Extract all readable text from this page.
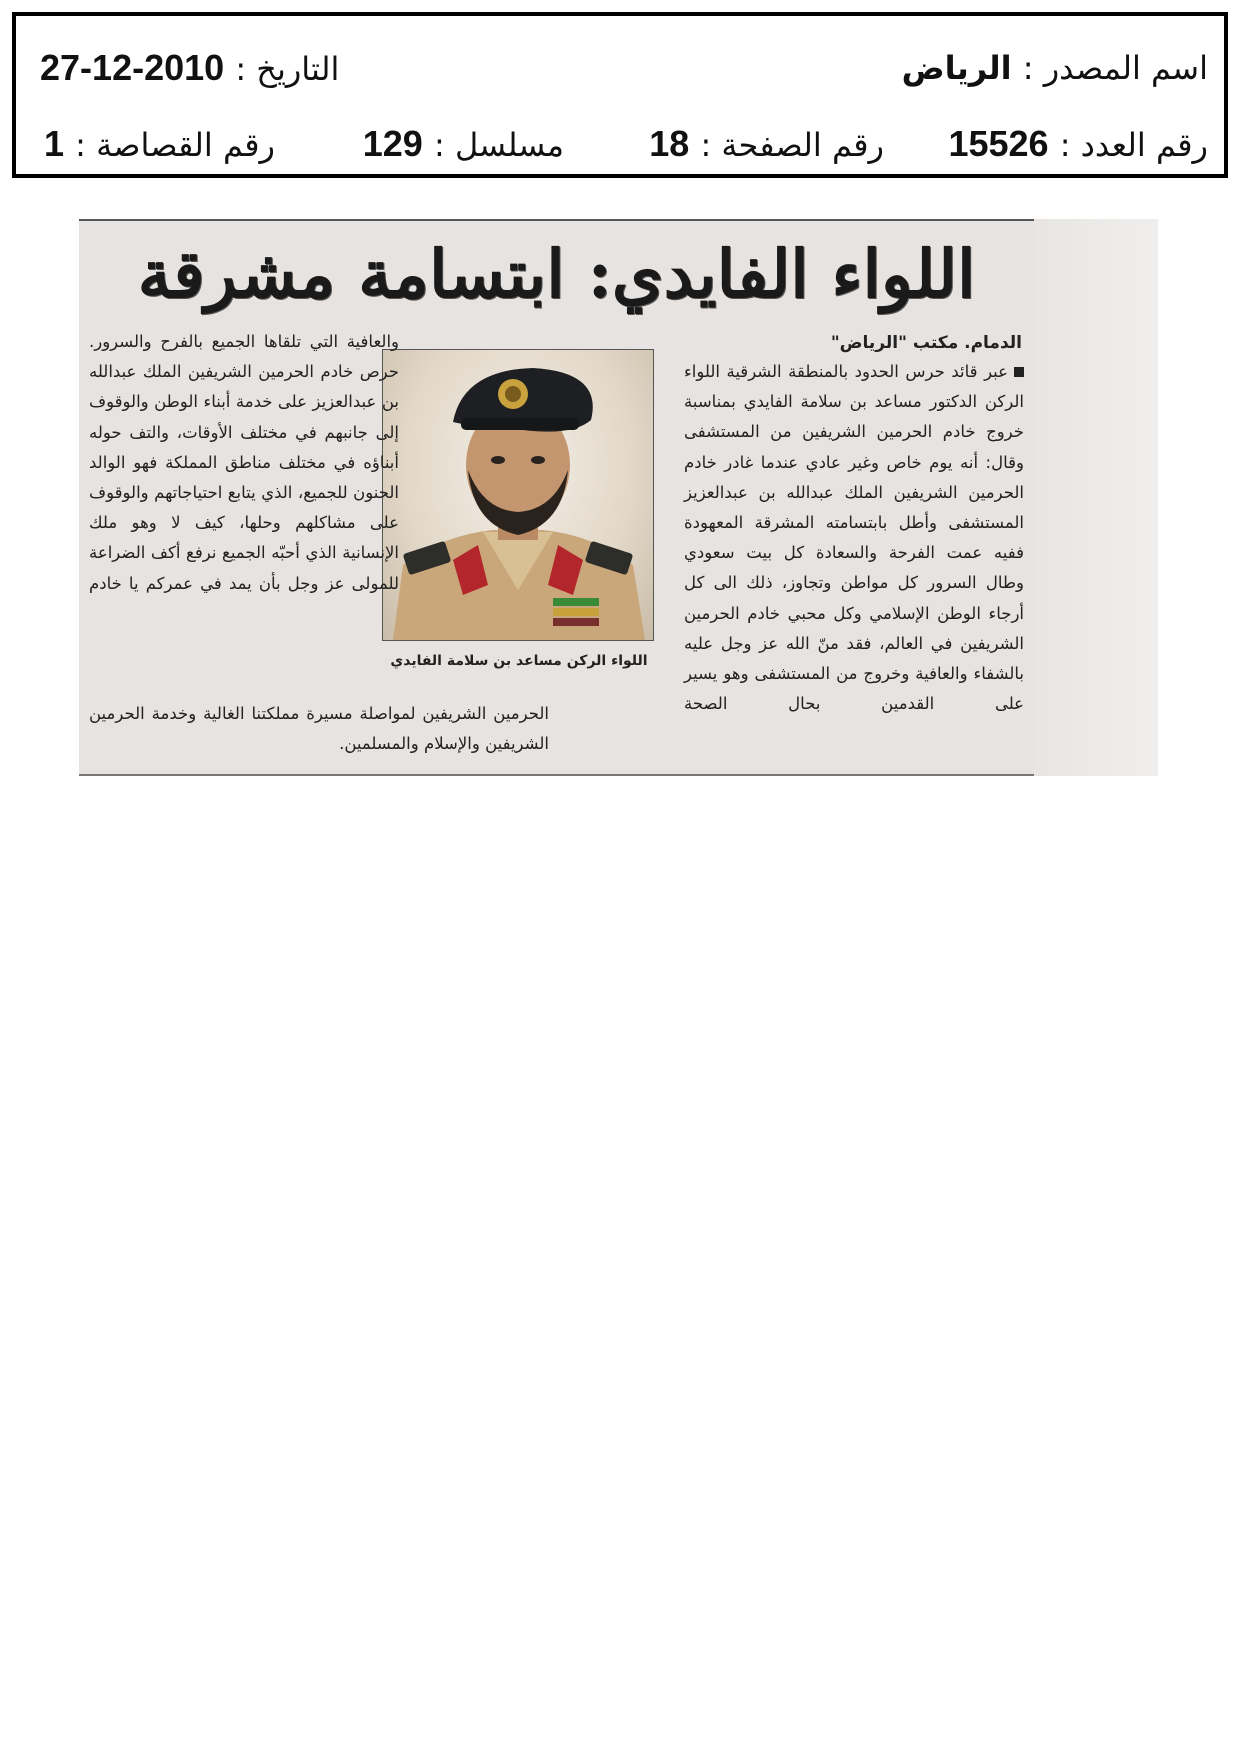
اسم المصدر : الرياض
التاريخ : 2010-12-27
رقم العدد : 15526
رقم الصفحة : 18
مسلسل : 129
رقم القصاصة : 1
اللواء الفايدي: ابتسامة مشرقة
الدمام. مكتب "الرياض"

عبر قائد حرس الحدود بالمنطقة الشرقية اللواء الركن الدكتور مساعد بن سلامة الفايدي بمناسبة خروج خادم الحرمين الشريفين من المستشفى وقال: أنه يوم خاص وغير عادي عندما غادر خادم الحرمين الشريفين الملك عبدالله بن عبدالعزيز المستشفى وأطل بابتسامته المشرقة المعهودة ففيه عمت الفرحة والسعادة كل بيت سعودي وطال السرور كل مواطن وتجاوز، ذلك الى كل أرجاء الوطن الإسلامي وكل محبي خادم الحرمين الشريفين في العالم، فقد منّ الله عز وجل عليه بالشفاء والعافية وخروج من المستشفى وهو يسير على القدمين بحال الصحة

اللواء الركن مساعد بن سلامة الفايدي

والعافية التي تلقاها الجميع بالفرح والسرور. حرص خادم الحرمين الشريفين الملك عبدالله بن عبدالعزيز على خدمة أبناء الوطن والوقوف إلى جانبهم في مختلف الأوقات، والتف حوله أبناؤه في مختلف مناطق المملكة فهو الوالد الحنون للجميع، الذي يتابع احتياجاتهم والوقوف على مشاكلهم وحلها، كيف لا وهو ملك الإنسانية الذي أحبّه الجميع نرفع أكف الضراعة للمولى عز وجل بأن يمد في عمركم يا خادم

الحرمين الشريفين لمواصلة مسيرة مملكتنا الغالية وخدمة الحرمين الشريفين والإسلام والمسلمين.
